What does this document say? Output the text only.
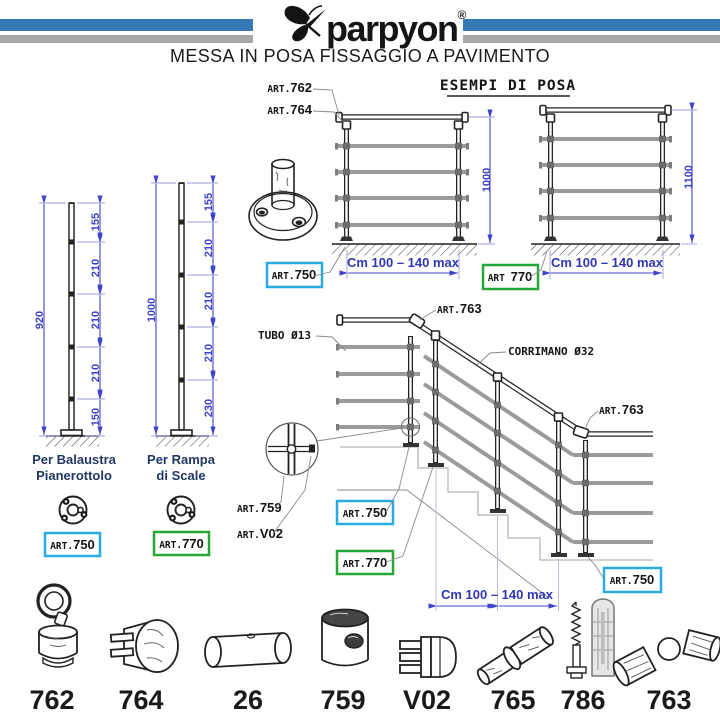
parpyon®
MESSA IN POSA FISSAGGIO A PAVIMENTO
ESEMPI DI POSA
1000
Cm 100 – 140 max
ART.762
ART.764
ART.750
1100
Cm 100 – 140 max
ART 770
155
210
210
210
150
920
155
210
210
210
230
1000
Per Balaustra
Pianerottolo
Per Rampa
di Scale
ART.750	ART.770
Cm 100 – 140 max
ART.763
TUBO Ø13
CORRIMANO Ø32
ART.763
ART.759
ART.V02
ART.750
ART.770
ART.750
762 764	26 759 V02 765 786 763
